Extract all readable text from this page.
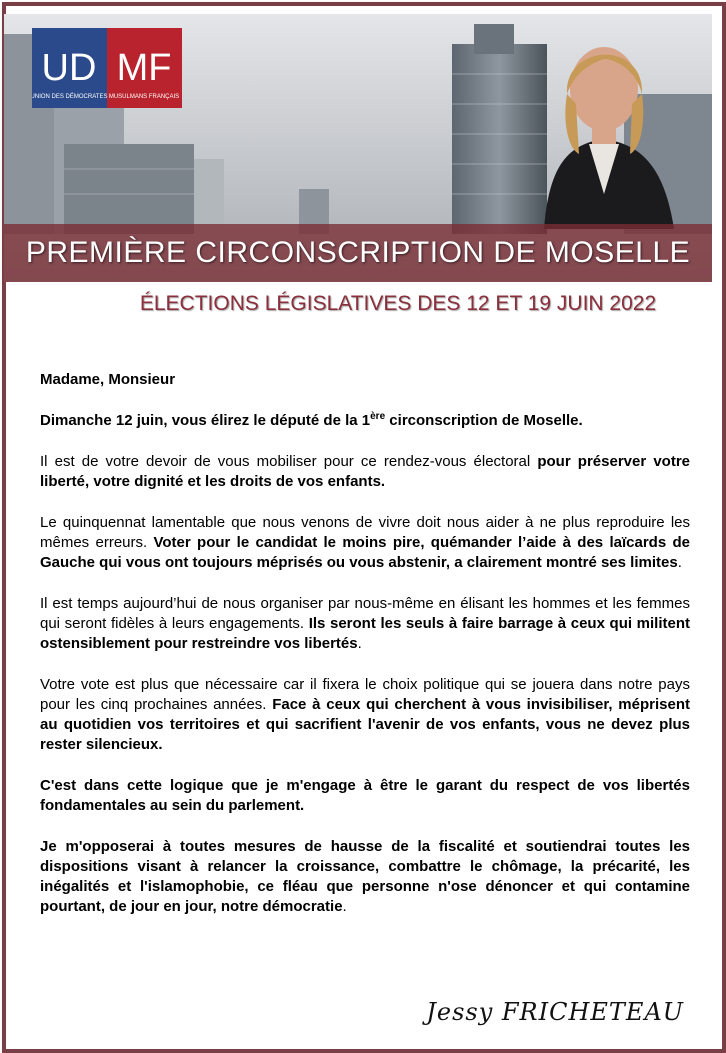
UD MF
UNION DES DÉMOCRATES MUSULMANS FRANÇAIS
PREMIÈRE CIRCONSCRIPTION DE MOSELLE
ÉLECTIONS LÉGISLATIVES DES 12 ET 19 JUIN 2022

Madame, Monsieur

Dimanche 12 juin, vous élirez le député de la 1ère circonscription de Moselle.

Il est de votre devoir de vous mobiliser pour ce rendez-vous électoral pour préserver votre liberté, votre dignité et les droits de vos enfants.

Le quinquennat lamentable que nous venons de vivre doit nous aider à ne plus reproduire les mêmes erreurs. Voter pour le candidat le moins pire, quémander l’aide à des laïcards de Gauche qui vous ont toujours méprisés ou vous abstenir, a clairement montré ses limites.

Il est temps aujourd’hui de nous organiser par nous-même en élisant les hommes et les femmes qui seront fidèles à leurs engagements. Ils seront les seuls à faire barrage à ceux qui militent ostensiblement pour restreindre vos libertés.

Votre vote est plus que nécessaire car il fixera le choix politique qui se jouera dans notre pays pour les cinq prochaines années. Face à ceux qui cherchent à vous invisibiliser, méprisent au quotidien vos territoires et qui sacrifient l'avenir de vos enfants, vous ne devez plus rester silencieux.

C'est dans cette logique que je m'engage à être le garant du respect de vos libertés fondamentales au sein du parlement.

Je m'opposerai à toutes mesures de hausse de la fiscalité et soutiendrai toutes les dispositions visant à relancer la croissance, combattre le chômage, la précarité, les inégalités et l'islamophobie, ce fléau que personne n'ose dénoncer et qui contamine pourtant, de jour en jour, notre démocratie.

Jessy FRICHETEAU
